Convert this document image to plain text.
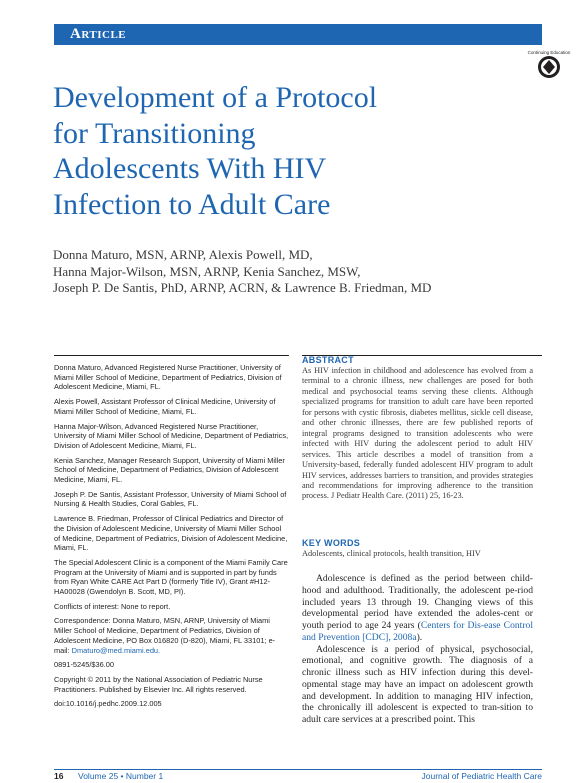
Article
Continuing Education
Development of a Protocol
for Transitioning
Adolescents With HIV
Infection to Adult Care
Donna Maturo, MSN, ARNP, Alexis Powell, MD,
Hanna Major-Wilson, MSN, ARNP, Kenia Sanchez, MSW,
Joseph P. De Santis, PhD, ARNP, ACRN, & Lawrence B. Friedman, MD

Donna Maturo, Advanced Registered Nurse Practitioner, University of Miami Miller School of Medicine, Department of Pediatrics, Division of Adolescent Medicine, Miami, FL.

Alexis Powell, Assistant Professor of Clinical Medicine, University of Miami Miller School of Medicine, Miami, FL.

Hanna Major-Wilson, Advanced Registered Nurse Practitioner, University of Miami Miller School of Medicine, Department of Pediatrics, Division of Adolescent Medicine, Miami, FL.

Kenia Sanchez, Manager Research Support, University of Miami Miller School of Medicine, Department of Pediatrics, Division of Adolescent Medicine, Miami, FL.

Joseph P. De Santis, Assistant Professor, University of Miami School of Nursing & Health Studies, Coral Gables, FL.

Lawrence B. Friedman, Professor of Clinical Pediatrics and Director of the Division of Adolescent Medicine, University of Miami Miller School of Medicine, Department of Pediatrics, Division of Adolescent Medicine, Miami, FL.

The Special Adolescent Clinic is a component of the Miami Family Care Program at the University of Miami and is supported in part by funds from Ryan White CARE Act Part D (formerly Title IV), Grant #H12-HA00028 (Gwendolyn B. Scott, MD, PI).

Conflicts of interest: None to report.

Correspondence: Donna Maturo, MSN, ARNP, University of Miami Miller School of Medicine, Department of Pediatrics, Division of Adolescent Medicine, PO Box 016820 (D-820), Miami, FL 33101; e-mail: Dmaturo@med.miami.edu.

0891-5245/$36.00

Copyright © 2011 by the National Association of Pediatric Nurse Practitioners. Published by Elsevier Inc. All rights reserved.

doi:10.1016/j.pedhc.2009.12.005

ABSTRACT

As HIV infection in childhood and adolescence has evolved from a terminal to a chronic illness, new challenges are posed for both medical and psychosocial teams serving these clients. Although specialized programs for transition to adult care have been reported for persons with cystic fibrosis, diabetes mellitus, sickle cell disease, and other chronic illnesses, there are few published reports of integral programs designed to transition adolescents who were infected with HIV during the adolescent period to adult HIV services. This article describes a model of transition from a University-based, federally funded adolescent HIV program to adult HIV services, addresses barriers to transition, and provides strategies and recommendations for improving adherence to the transition process. J Pediatr Health Care. (2011) 25, 16-23.

KEY WORDS

Adolescents, clinical protocols, health transition, HIV

Adolescence is defined as the period between child-hood and adulthood. Traditionally, the adolescent pe-riod included years 13 through 19. Changing views of this developmental period have extended the adoles-cent or youth period to age 24 years (Centers for Dis-ease Control and Prevention [CDC], 2008a).

Adolescence is a period of physical, psychosocial, emotional, and cognitive growth. The diagnosis of a chronic illness such as HIV infection during this devel-opmental stage may have an impact on adolescent growth and development. In addition to managing HIV infection, the chronically ill adolescent is expected to tran-sition to adult care services at a prescribed point. This

16 Volume 25 • Number 1	Journal of Pediatric Health Care
